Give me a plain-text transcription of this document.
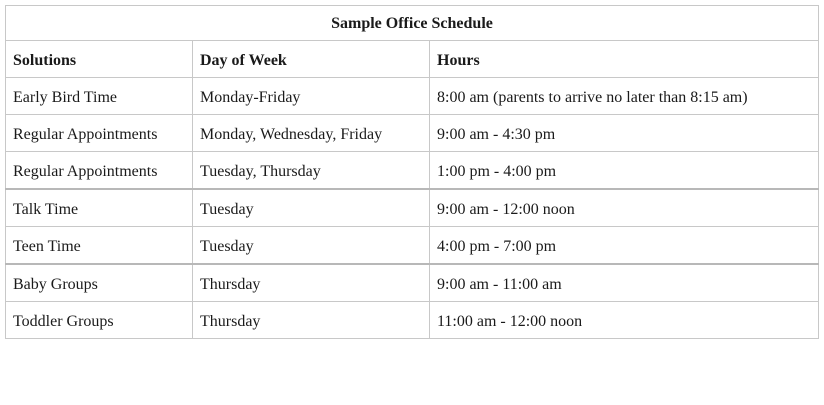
Sample Office Schedule		
Solutions	Day of Week	Hours
Early Bird Time	Monday-Friday	8:00 am (parents to arrive no later than 8:15 am)
Regular Appointments	Monday, Wednesday, Friday	9:00 am - 4:30 pm
Regular Appointments	Tuesday, Thursday	1:00 pm - 4:00 pm
Talk Time	Tuesday	9:00 am - 12:00 noon
Teen Time	Tuesday	4:00 pm - 7:00 pm
Baby Groups	Thursday	9:00 am - 11:00 am
Toddler Groups	Thursday	11:00 am - 12:00 noon
